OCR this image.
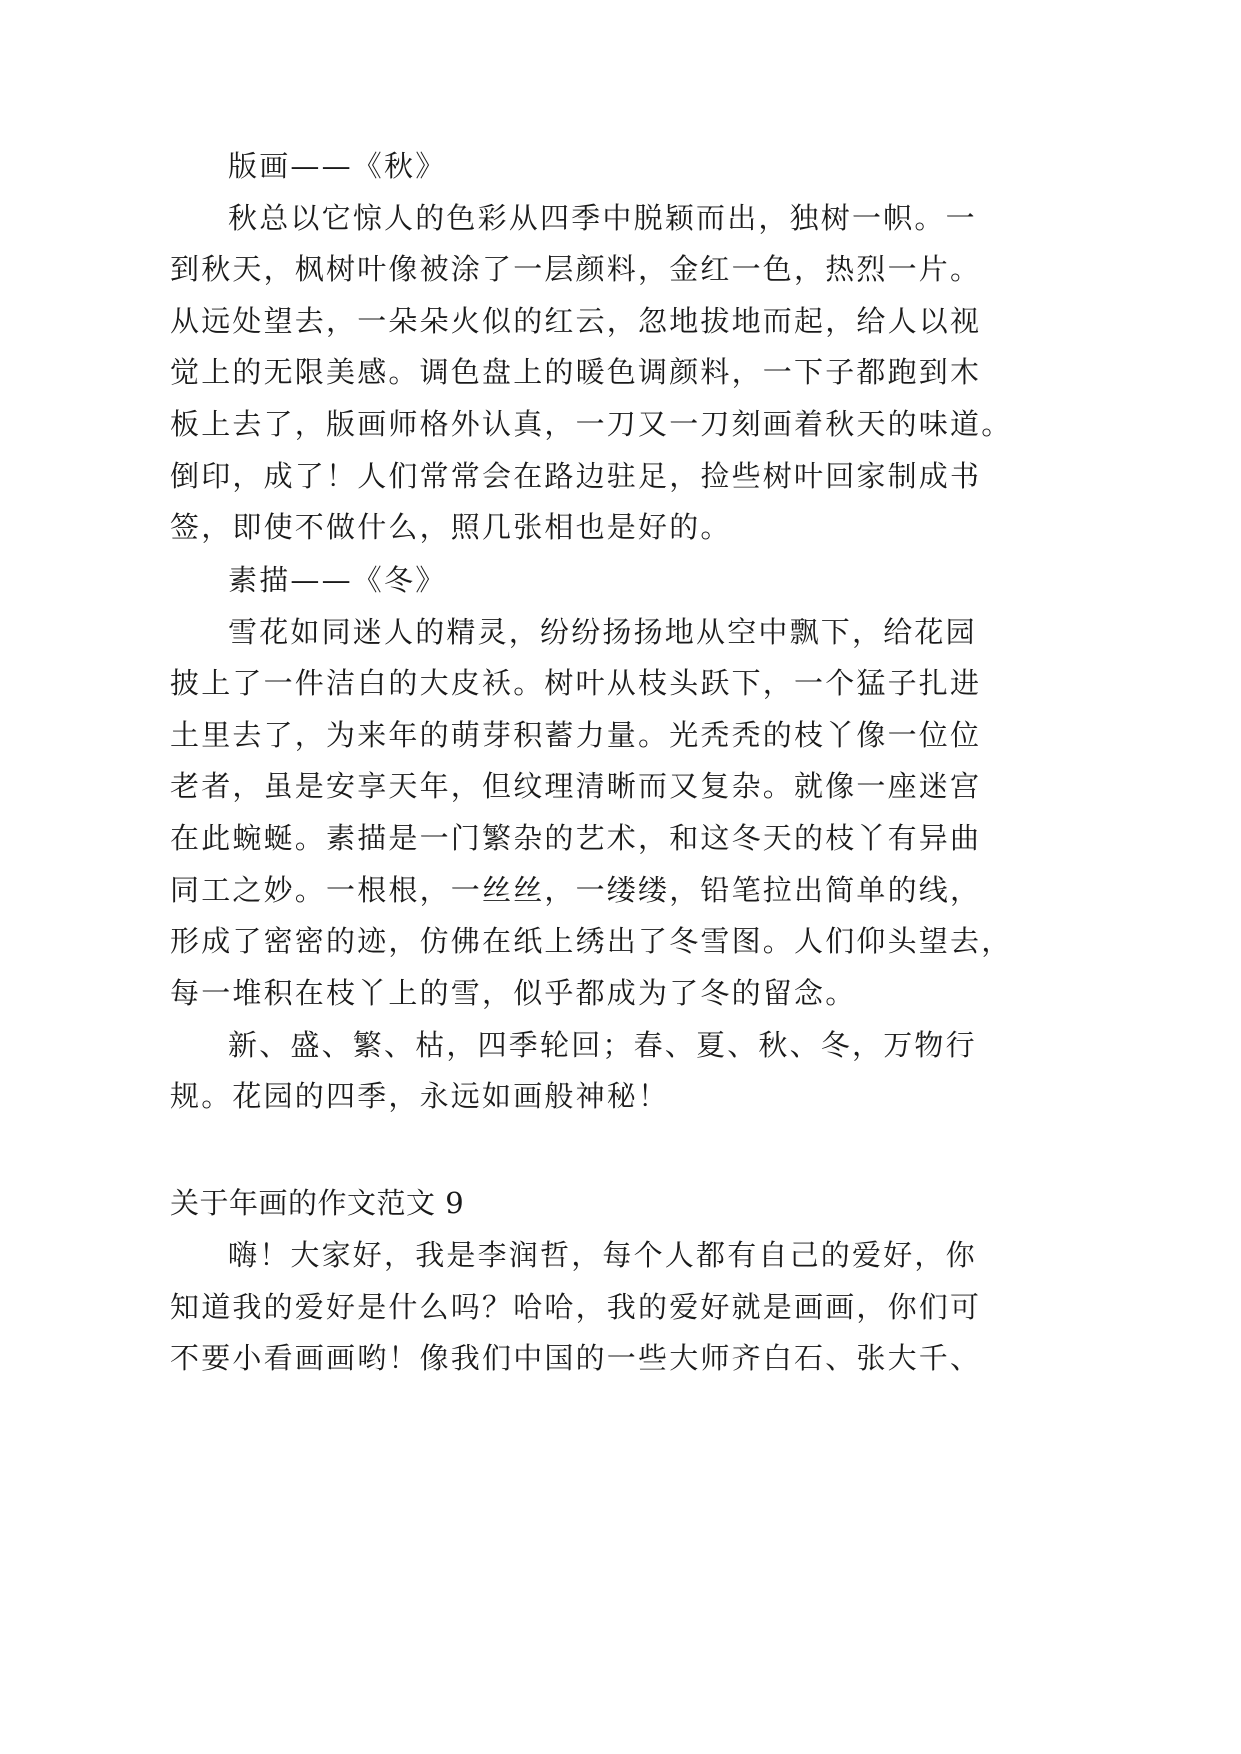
版画——《秋》
秋总以它惊人的色彩从四季中脱颖而出，独树一帜。一
到秋天，枫树叶像被涂了一层颜料，金红一色，热烈一片。
从远处望去，一朵朵火似的红云，忽地拔地而起，给人以视
觉上的无限美感。调色盘上的暖色调颜料，一下子都跑到木
板上去了，版画师格外认真，一刀又一刀刻画着秋天的味道。
倒印，成了！人们常常会在路边驻足，捡些树叶回家制成书
签，即使不做什么，照几张相也是好的。
素描——《冬》
雪花如同迷人的精灵，纷纷扬扬地从空中飘下，给花园
披上了一件洁白的大皮袄。树叶从枝头跃下，一个猛子扎进
土里去了，为来年的萌芽积蓄力量。光秃秃的枝丫像一位位
老者，虽是安享天年，但纹理清晰而又复杂。就像一座迷宫
在此蜿蜒。素描是一门繁杂的艺术，和这冬天的枝丫有异曲
同工之妙。一根根，一丝丝，一缕缕，铅笔拉出简单的线，
形成了密密的迹，仿佛在纸上绣出了冬雪图。人们仰头望去，
每一堆积在枝丫上的雪，似乎都成为了冬的留念。
新、盛、繁、枯，四季轮回；春、夏、秋、冬，万物行
规。花园的四季，永远如画般神秘！
关于年画的作文范文 9
嗨！大家好，我是李润哲，每个人都有自己的爱好，你
知道我的爱好是什么吗？哈哈，我的爱好就是画画，你们可
不要小看画画哟！像我们中国的一些大师齐白石、张大千、
